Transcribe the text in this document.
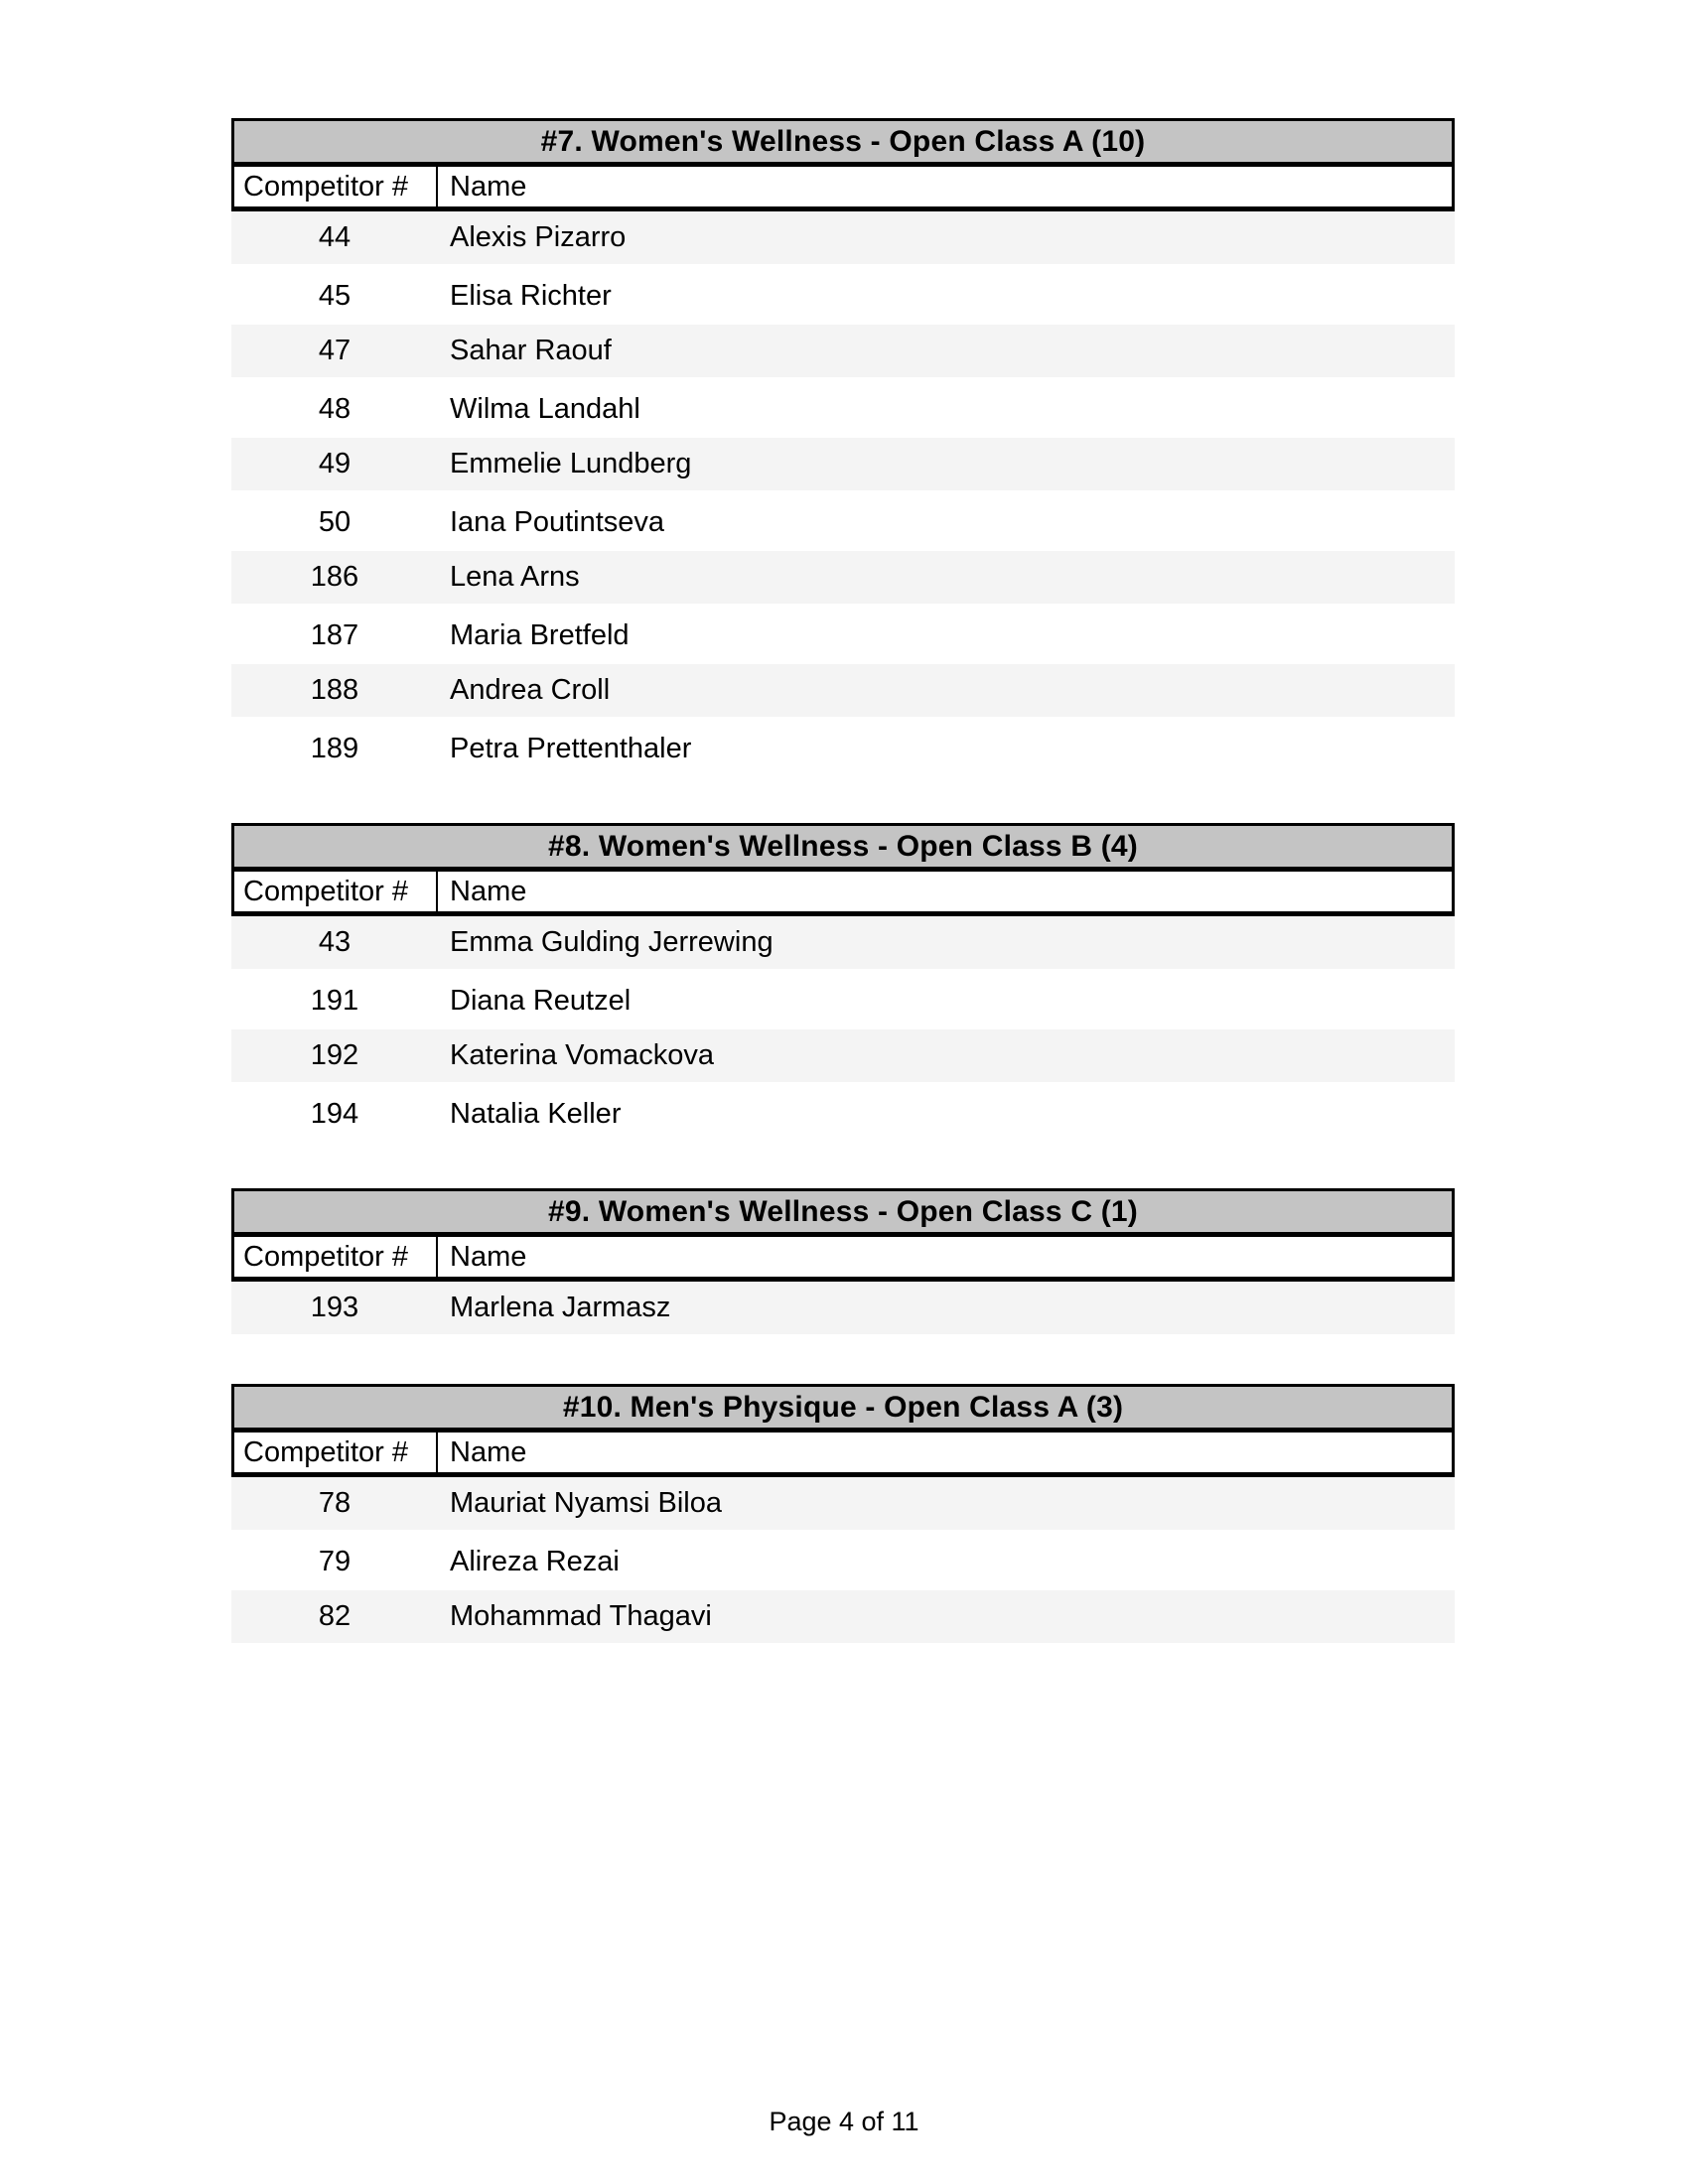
#7. Women's Wellness - Open Class A (10)
Competitor #	Name
44	Alexis Pizarro
45	Elisa Richter
47	Sahar Raouf
48	Wilma Landahl
49	Emmelie Lundberg
50	Iana Poutintseva
186	Lena Arns
187	Maria Bretfeld
188	Andrea Croll
189	Petra Prettenthaler
#8. Women's Wellness - Open Class B (4)
Competitor #	Name
43	Emma Gulding Jerrewing
191	Diana Reutzel
192	Katerina Vomackova
194	Natalia Keller
#9. Women's Wellness - Open Class C (1)
Competitor #	Name
193	Marlena Jarmasz
#10. Men's Physique - Open Class A (3)
Competitor #	Name
78	Mauriat Nyamsi Biloa
79	Alireza Rezai
82	Mohammad Thagavi
Page 4 of 11
